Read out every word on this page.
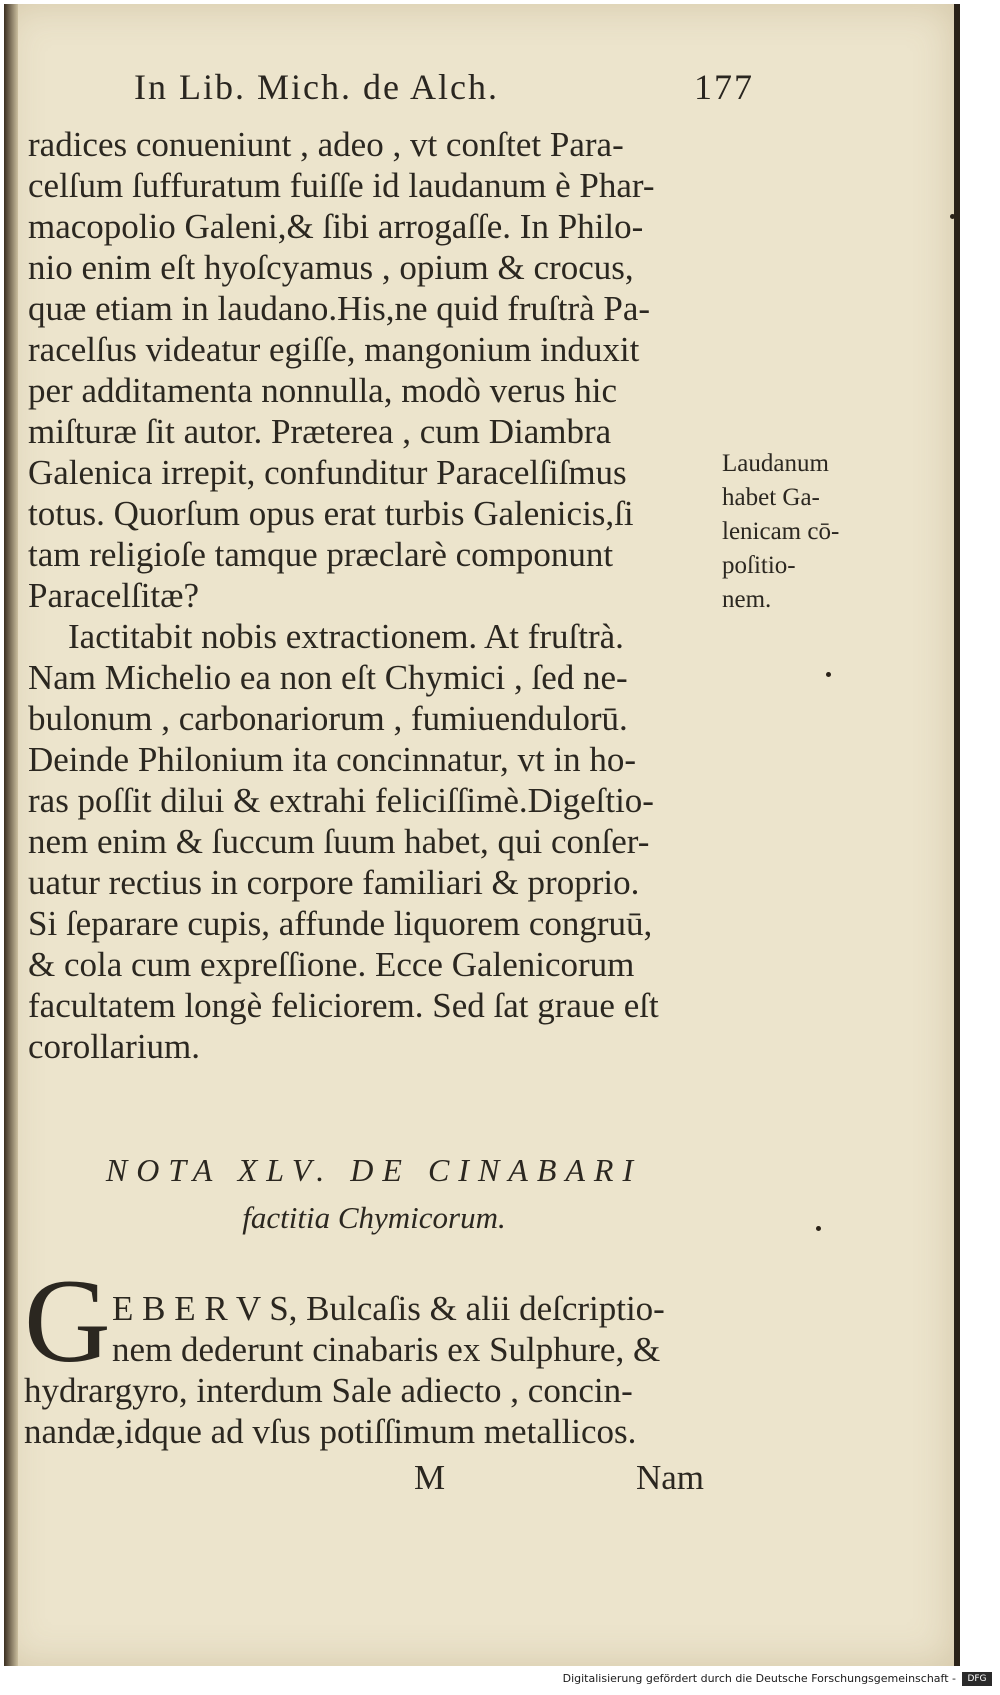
In Lib. Mich. de Alch.	177
radices conueniunt , adeo , vt conſtet Para-
celſum ſuffuratum fuiſſe id laudanum è Phar-
macopolio Galeni,& ſibi arrogaſſe. In Philo-
nio enim eſt hyoſcyamus , opium & crocus,
quæ etiam in laudano.His,ne quid fruſtrà Pa-
racelſus videatur egiſſe, mangonium induxit
per additamenta nonnulla, modò verus hic
miſturæ ſit autor. Præterea , cum Diambra
Galenica irrepit, confunditur Paracelſiſmus
totus. Quorſum opus erat turbis Galenicis,ſi
tam religioſe tamque præclarè componunt
Paracelſitæ?
Iactitabit nobis extractionem. At fruſtrà.
Nam Michelio ea non eſt Chymici , ſed ne-
bulonum , carbonariorum , fumiuendulorū.
Deinde Philonium ita concinnatur, vt in ho-
ras poſſit dilui & extrahi feliciſſimè.Digeſtio-
nem enim & ſuccum ſuum habet, qui conſer-
uatur rectius in corpore familiari & proprio.
Si ſeparare cupis, affunde liquorem congruū,
& cola cum expreſſione. Ecce Galenicorum
facultatem longè feliciorem. Sed ſat graue eſt
corollarium.
Laudanum
habet Ga-
lenicam cō-
poſitio-
nem.
NOTA XLV. DE CINABARI
factitia Chymicorum.
G E B E R V S, Bulcaſis & alii deſcriptio-
nem dederunt cinabaris ex Sulphure, &
hydrargyro, interdum Sale adiecto , concin-
nandæ,idque ad vſus potiſſimum metallicos.
M	Nam
Digitalisierung gefördert durch die Deutsche Forschungsgemeinschaft -	DFG
